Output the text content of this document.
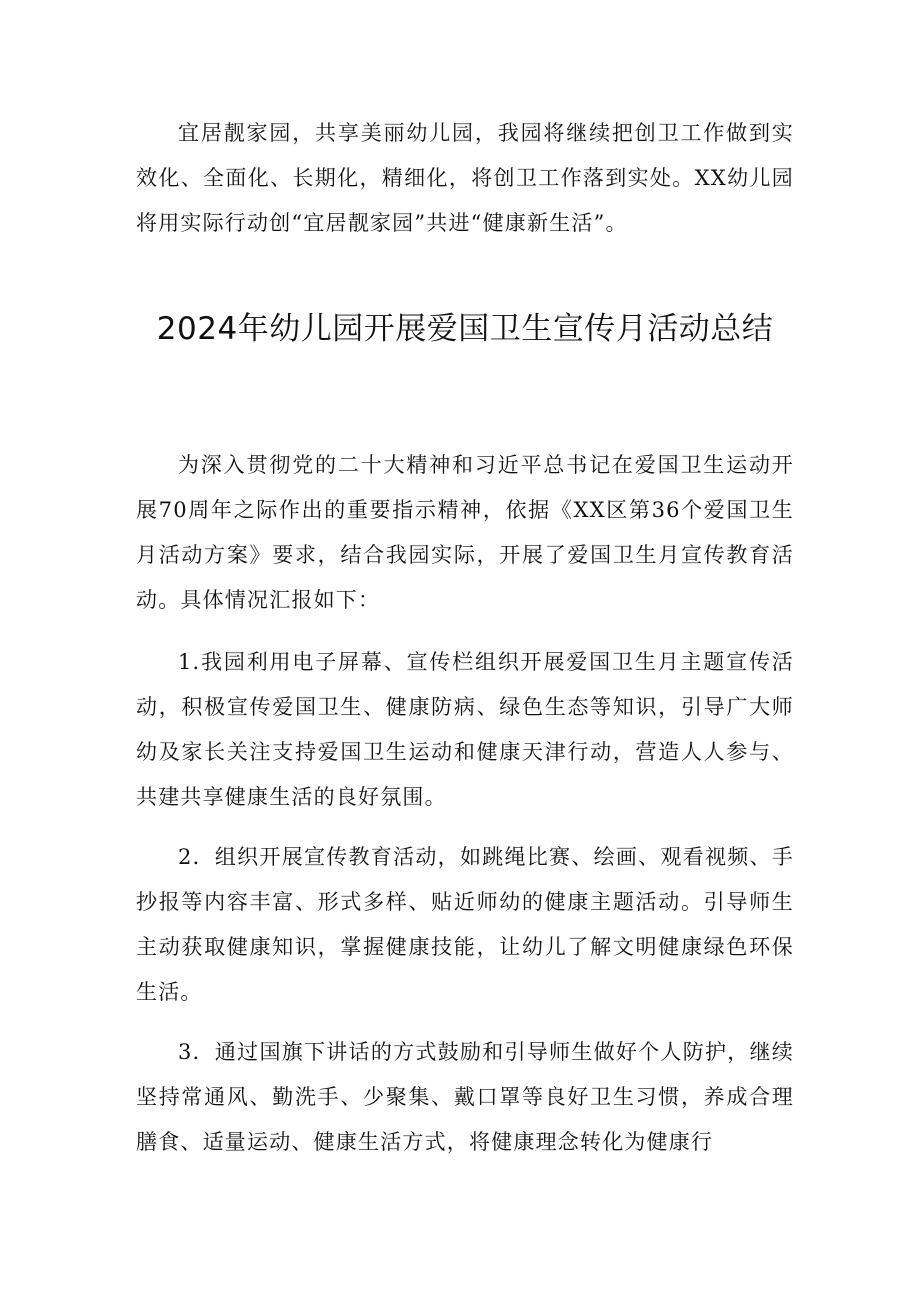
宜居靓家园，共享美丽幼儿园，我园将继续把创卫工作做到实效化、全面化、长期化，精细化，将创卫工作落到实处。XX幼儿园将用实际行动创“宜居靓家园”共进“健康新生活”。

2024年幼儿园开展爱国卫生宣传月活动总结

为深入贯彻党的二十大精神和习近平总书记在爱国卫生运动开展70周年之际作出的重要指示精神，依据《XX区第36个爱国卫生月活动方案》要求，结合我园实际，开展了爱国卫生月宣传教育活动。具体情况汇报如下：

1.我园利用电子屏幕、宣传栏组织开展爱国卫生月主题宣传活动，积极宣传爱国卫生、健康防病、绿色生态等知识，引导广大师幼及家长关注支持爱国卫生运动和健康天津行动，营造人人参与、共建共享健康生活的良好氛围。

2．组织开展宣传教育活动，如跳绳比赛、绘画、观看视频、手抄报等内容丰富、形式多样、贴近师幼的健康主题活动。引导师生主动获取健康知识，掌握健康技能，让幼儿了解文明健康绿色环保生活。

3．通过国旗下讲话的方式鼓励和引导师生做好个人防护，继续坚持常通风、勤洗手、少聚集、戴口罩等良好卫生习惯，养成合理膳食、适量运动、健康生活方式，将健康理念转化为健康行
